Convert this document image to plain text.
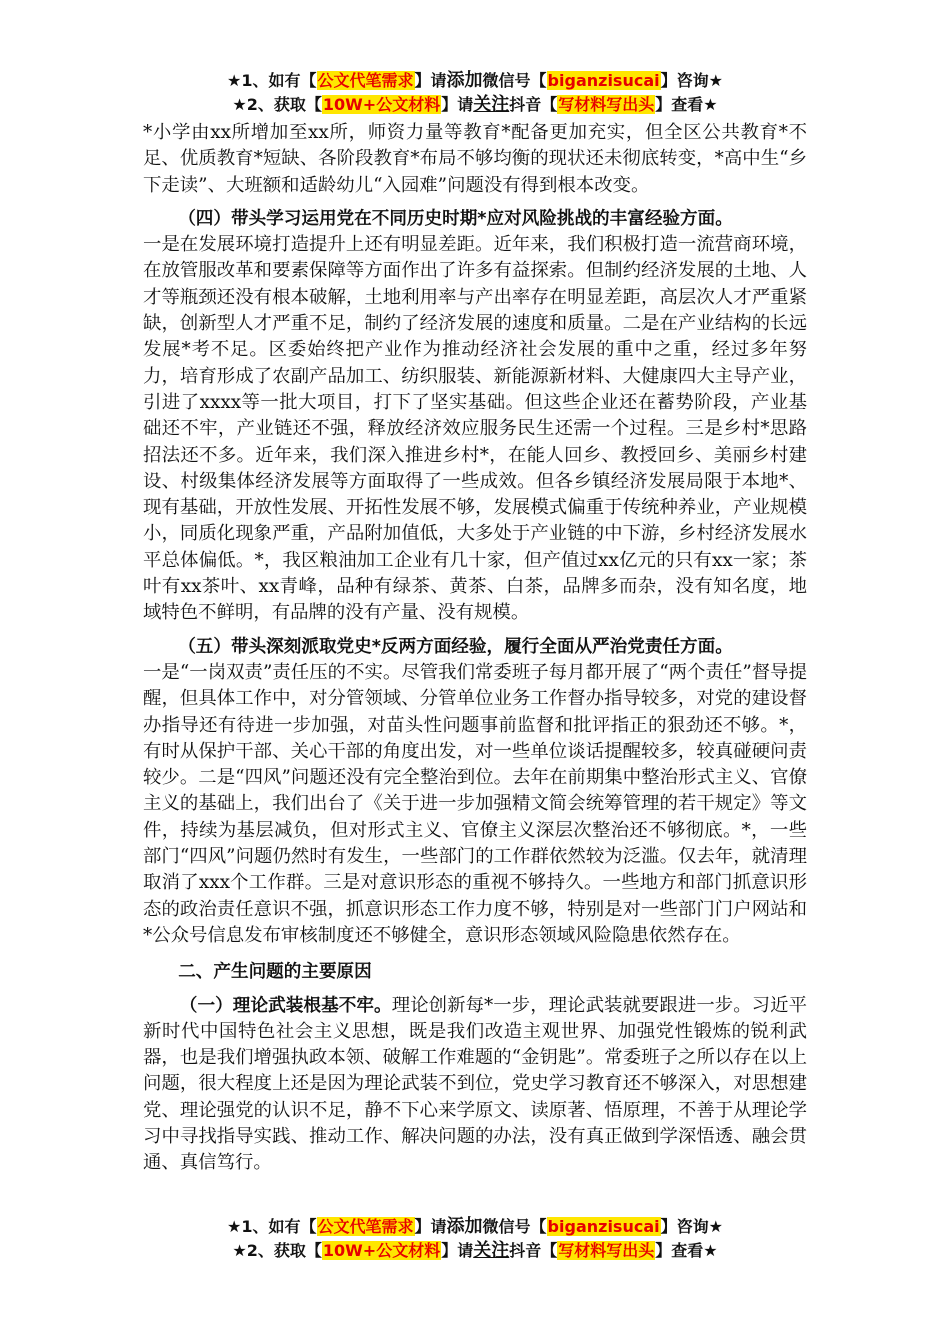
★1、如有【公文代笔需求】请添加微信号【biganzisucai】咨询★
★2、获取【10W+公文材料】请关注抖音【写材料写出头】查看★

*小学由xx所增加至xx所，师资力量等教育*配备更加充实，但全区公共教育*不足、优质教育*短缺、各阶段教育*布局不够均衡的现状还未彻底转变，*高中生“乡下走读”、大班额和适龄幼儿“入园难”问题没有得到根本改变。

（四）带头学习运用党在不同历史时期*应对风险挑战的丰富经验方面。

一是在发展环境打造提升上还有明显差距。近年来，我们积极打造一流营商环境，在放管服改革和要素保障等方面作出了许多有益探索。但制约经济发展的土地、人才等瓶颈还没有根本破解，土地利用率与产出率存在明显差距，高层次人才严重紧缺，创新型人才严重不足，制约了经济发展的速度和质量。二是在产业结构的长远发展*考不足。区委始终把产业作为推动经济社会发展的重中之重，经过多年努力，培育形成了农副产品加工、纺织服装、新能源新材料、大健康四大主导产业，引进了xxxx等一批大项目，打下了坚实基础。但这些企业还在蓄势阶段，产业基础还不牢，产业链还不强，释放经济效应服务民生还需一个过程。三是乡村*思路招法还不多。近年来，我们深入推进乡村*，在能人回乡、教授回乡、美丽乡村建设、村级集体经济发展等方面取得了一些成效。但各乡镇经济发展局限于本地*、现有基础，开放性发展、开拓性发展不够，发展模式偏重于传统种养业，产业规模小，同质化现象严重，产品附加值低，大多处于产业链的中下游，乡村经济发展水平总体偏低。*，我区粮油加工企业有几十家，但产值过xx亿元的只有xx一家；茶叶有xx茶叶、xx青峰，品种有绿茶、黄茶、白茶，品牌多而杂，没有知名度，地域特色不鲜明，有品牌的没有产量、没有规模。

（五）带头深刻派取党史*反两方面经验，履行全面从严治党责任方面。

一是“一岗双责”责任压的不实。尽管我们常委班子每月都开展了“两个责任”督导提醒，但具体工作中，对分管领域、分管单位业务工作督办指导较多，对党的建设督办指导还有待进一步加强，对苗头性问题事前监督和批评指正的狠劲还不够。*，有时从保护干部、关心干部的角度出发，对一些单位谈话提醒较多，较真碰硬问责较少。二是“四风”问题还没有完全整治到位。去年在前期集中整治形式主义、官僚主义的基础上，我们出台了《关于进一步加强精文简会统筹管理的若干规定》等文件，持续为基层减负，但对形式主义、官僚主义深层次整治还不够彻底。*，一些部门“四风”问题仍然时有发生，一些部门的工作群依然较为泛滥。仅去年，就清理取消了xxx个工作群。三是对意识形态的重视不够持久。一些地方和部门抓意识形态的政治责任意识不强，抓意识形态工作力度不够，特别是对一些部门门户网站和*公众号信息发布审核制度还不够健全，意识形态领域风险隐患依然存在。

二、产生问题的主要原因

（一）理论武装根基不牢。理论创新每*一步，理论武装就要跟进一步。习近平新时代中国特色社会主义思想，既是我们改造主观世界、加强党性锻炼的锐利武器，也是我们增强执政本领、破解工作难题的“金钥匙”。常委班子之所以存在以上问题，很大程度上还是因为理论武装不到位，党史学习教育还不够深入，对思想建党、理论强党的认识不足，静不下心来学原文、读原著、悟原理，不善于从理论学习中寻找指导实践、推动工作、解决问题的办法，没有真正做到学深悟透、融会贯通、真信笃行。

★1、如有【公文代笔需求】请添加微信号【biganzisucai】咨询★
★2、获取【10W+公文材料】请关注抖音【写材料写出头】查看★
